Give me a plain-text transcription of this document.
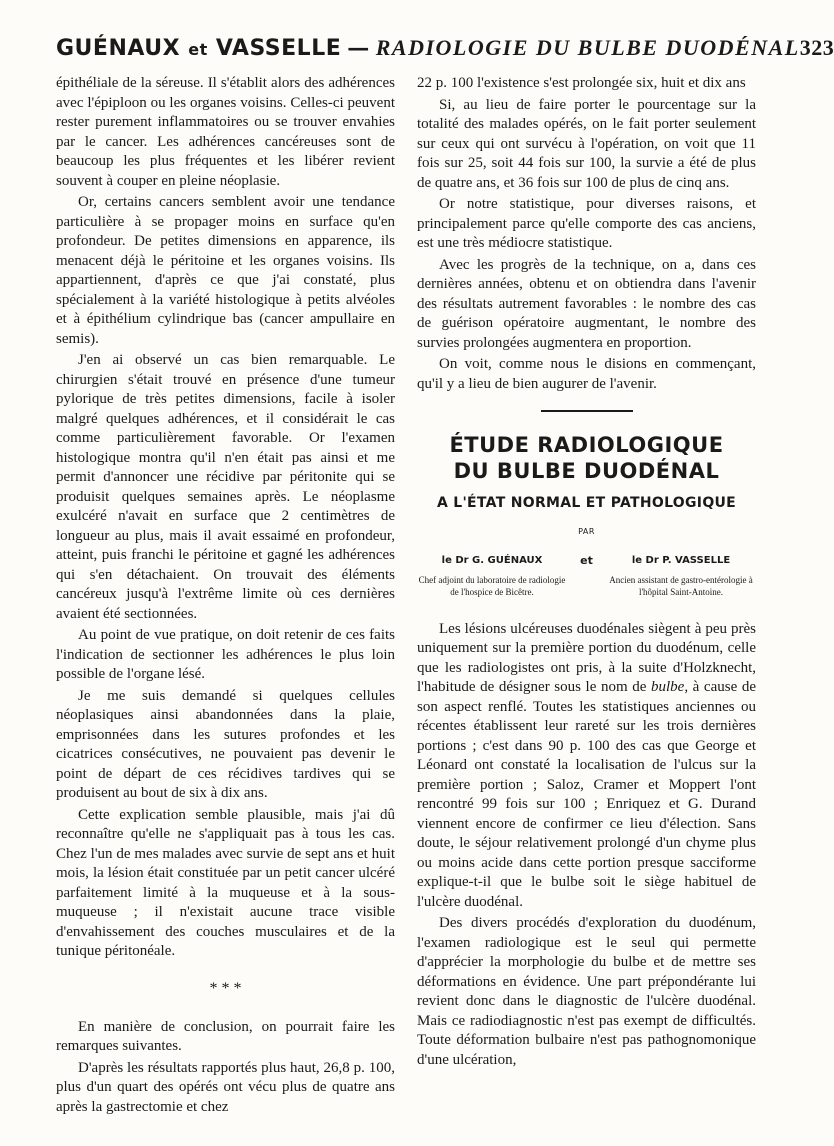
GUÉNAUX et VASSELLE — RADIOLOGIE DU BULBE DUODÉNAL 323

épithéliale de la séreuse. Il s'établit alors des adhérences avec l'épiploon ou les organes voisins. Celles-ci peuvent rester purement inflammatoires ou se trouver envahies par le cancer. Les adhérences cancéreuses sont de beaucoup les plus fréquentes et les libérer revient souvent à couper en pleine néoplasie.

Or, certains cancers semblent avoir une tendance particulière à se propager moins en surface qu'en profondeur. De petites dimensions en apparence, ils menacent déjà le péritoine et les organes voisins. Ils appartiennent, d'après ce que j'ai constaté, plus spécialement à la variété histologique à petits alvéoles et à épithélium cylindrique bas (cancer ampullaire en semis).

J'en ai observé un cas bien remarquable. Le chirurgien s'était trouvé en présence d'une tumeur pylorique de très petites dimensions, facile à isoler malgré quelques adhérences, et il considérait le cas comme particulièrement favorable. Or l'examen histologique montra qu'il n'en était pas ainsi et me permit d'annoncer une récidive par péritonite qui se produisit quelques semaines après. Le néoplasme exulcéré n'avait en surface que 2 centimètres de longueur au plus, mais il avait essaimé en profondeur, atteint, puis franchi le péritoine et gagné les adhérences qui s'en détachaient. On trouvait des éléments cancéreux jusqu'à l'extrême limite où ces dernières avaient été sectionnées.

Au point de vue pratique, on doit retenir de ces faits l'indication de sectionner les adhérences le plus loin possible de l'organe lésé.

Je me suis demandé si quelques cellules néoplasiques ainsi abandonnées dans la plaie, emprisonnées dans les sutures profondes et les cicatrices consécutives, ne pouvaient pas devenir le point de départ de ces récidives tardives qui se produisent au bout de six à dix ans.

Cette explication semble plausible, mais j'ai dû reconnaître qu'elle ne s'appliquait pas à tous les cas. Chez l'un de mes malades avec survie de sept ans et huit mois, la lésion était constituée par un petit cancer ulcéré parfaitement limité à la muqueuse et à la sous-muqueuse ; il n'existait aucune trace visible d'envahissement des couches musculaires et de la tunique péritonéale.

* * *

En manière de conclusion, on pourrait faire les remarques suivantes.

D'après les résultats rapportés plus haut, 26,8 p. 100, plus d'un quart des opérés ont vécu plus de quatre ans après la gastrectomie et chez

22 p. 100 l'existence s'est prolongée six, huit et dix ans

Si, au lieu de faire porter le pourcentage sur la totalité des malades opérés, on le fait porter seulement sur ceux qui ont survécu à l'opération, on voit que 11 fois sur 25, soit 44 fois sur 100, la survie a été de plus de quatre ans, et 36 fois sur 100 de plus de cinq ans.

Or notre statistique, pour diverses raisons, et principalement parce qu'elle comporte des cas anciens, est une très médiocre statistique.

Avec les progrès de la technique, on a, dans ces dernières années, obtenu et on obtiendra dans l'avenir des résultats autrement favorables : le nombre des cas de guérison opératoire augmentant, le nombre des survies prolongées augmentera en proportion.

On voit, comme nous le disions en commençant, qu'il y a lieu de bien augurer de l'avenir.

ÉTUDE RADIOLOGIQUE
DU BULBE DUODÉNAL
A L'ÉTAT NORMAL ET PATHOLOGIQUE
PAR
le Dr G. GUÉNAUX
Chef adjoint du laboratoire de radiologie de l'hospice de Bicêtre.
et	le Dr P. VASSELLE
Ancien assistant de gastro-entérologie à l'hôpital Saint-Antoine.

Les lésions ulcéreuses duodénales siègent à peu près uniquement sur la première portion du duodénum, celle que les radiologistes ont pris, à la suite d'Holzknecht, l'habitude de désigner sous le nom de bulbe, à cause de son aspect renflé. Toutes les statistiques anciennes ou récentes établissent leur rareté sur les trois dernières portions ; c'est dans 90 p. 100 des cas que George et Léonard ont constaté la localisation de l'ulcus sur la première portion ; Saloz, Cramer et Moppert l'ont rencontré 99 fois sur 100 ; Enriquez et G. Durand viennent encore de confirmer ce lieu d'élection. Sans doute, le séjour relativement prolongé d'un chyme plus ou moins acide dans cette portion presque sacciforme explique-t-il que le bulbe soit le siège habituel de l'ulcère duodénal.

Des divers procédés d'exploration du duodénum, l'examen radiologique est le seul qui permette d'apprécier la morphologie du bulbe et de mettre ses déformations en évidence. Une part prépondérante lui revient donc dans le diagnostic de l'ulcère duodénal. Mais ce radiodiagnostic n'est pas exempt de difficultés. Toute déformation bulbaire n'est pas pathognomonique d'une ulcération,
